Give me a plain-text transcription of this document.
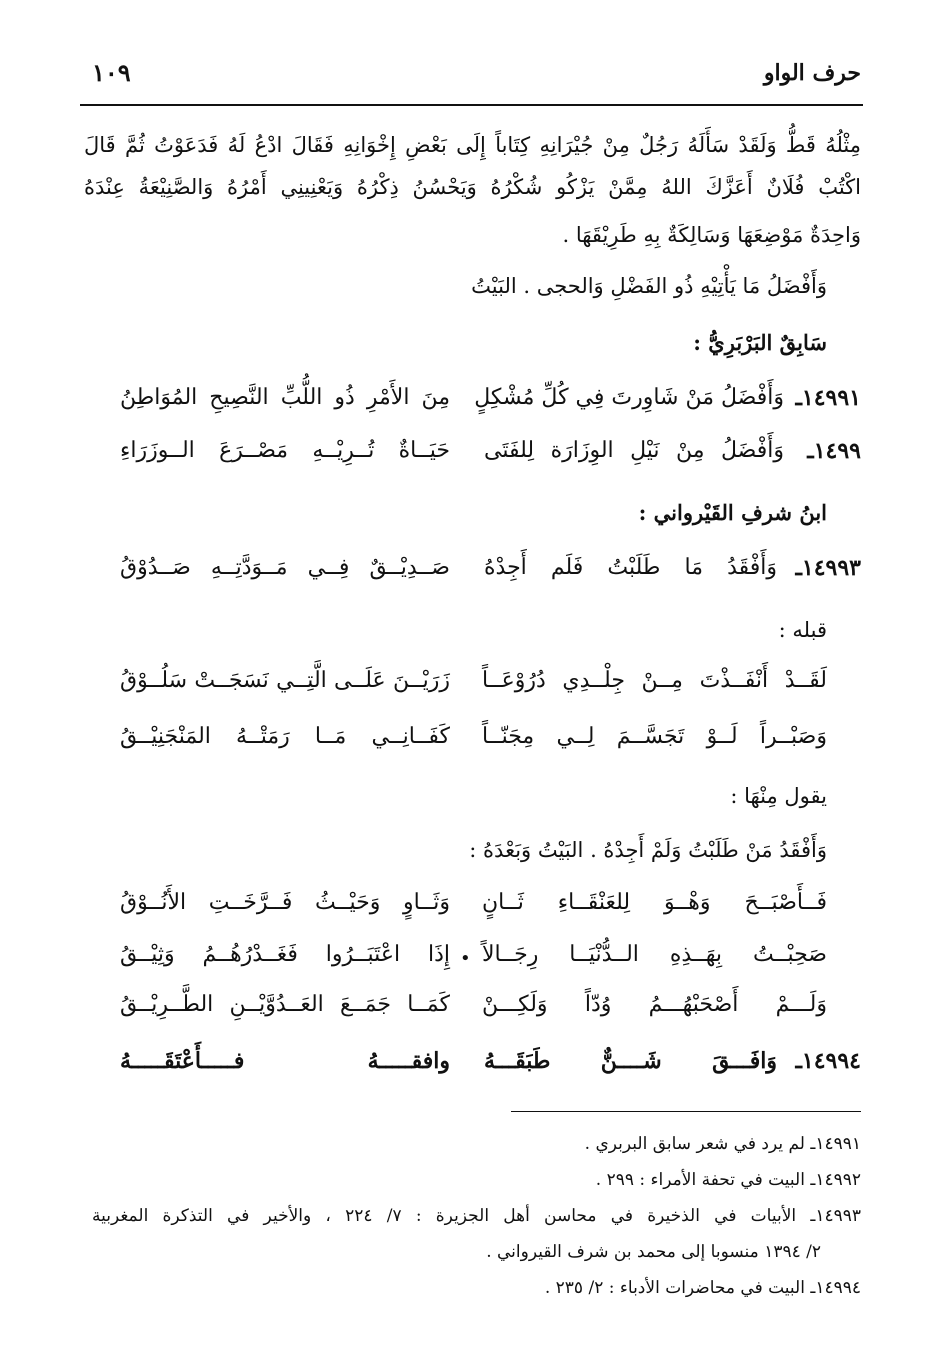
حرف الواو
١٠٩
مِثْلُهُ قَطُّ وَلَقَدْ سَأَلَهُ رَجُلٌ مِنْ جُيْرَانِهِ كِتَاباً إِلَى بَعْضِ إِخْوَانِهِ فَقَالَ ادْعُ لَهُ فَدَعَوْتُ ثُمَّ قَالَ
اكْتُبْ فُلَانٌ أَعَزَّكَ اللهُ مِمَّنْ يَزْكُو شُكْرُهُ وَيَحْسُنُ ذِكْرُهُ وَيَعْنِينِي أَمْرُهُ وَالصَّنِيْعَةُ عِنْدَهُ
وَاحِدَةٌ مَوْضِعَهَا وَسَالِكَةٌ بِهِ طَرِيْقَهَا .
وَأَفْضَلُ مَا يَأْتِيْهِ ذُو الفَضْلِ وَالحجى . البَيْتُ
سَابِقٌ البَرْبَرِيُّ :
١٤٩٩١ـ
وَأَفْضَلُ مَنْ شَاوِرتَ فِي كُلِّ مُشْكِلٍ
مِنَ الأَمْرِ ذُو اللُّبِّ النَّصِيحِ المُوَاطِنُ
١٤٩٩ـ
وَأَفْضَلُ مِنْ نَيْلِ الوِزَارَة لِلفَتَى
حَيَــاةٌ تُــرِيْــهِ مَصْــرَعَ الــوزَرَاءِ
ابنُ شرفِ القَيْرواني :
١٤٩٩٣ـ
وَأَفْقَدُ مَا طَلَبْتُ فَلَم أَجِدْهُ
صَــدِيْــقٌ فِــي مَــوَدَّتِــهِ صَــدُوْقُ
قبله :
لَقَــدْ أَنْفَــذْتَ مِــنْ جِلْــدِي دُرُوْعَــاً
زَرَيْــنَ عَلَــى الَّتِــي نَسَجَــتْ سَلُــوْقُ
وَصَبْــراً لَــوْ تَجَسَّــمَ لِــي مِجَنّــاً
كَفَــانِــي مَــا رَمَتْــهُ المَنْجَنِيْــقُ
يقول مِنْهَا :
وَأَفْقَدُ مَنْ طَلَبْتُ وَلَمْ أَجِدْهُ . البَيْتُ وَبَعْدَهُ :
فَــأَصْبَــحَ وَهْــوَ لِلعَنْقَــاءِ ثَــانٍ
وَثَــاوٍ وَحَيْــثُ فَــرَّخَــتِ الأَنُــوْقُ
صَحِبْــتُ بِهَــذِهِ الــدُّنْيَــا رِجَــالاً
•
إِذَا اعْتَبَــرُوا فَغَــدْرُهُــمُ وَثِيْــقُ
وَلَـــمْ أَصْحَبْهُـــمُ وُدّاً وَلَكِـــنْ
كَمَــا جَمَــعَ العَــدُوَّيْــنِ الطَّــرِيْــقُ
١٤٩٩٤ـ
وَافَـــقَ شَــــنٌّ طَبَقَـــهُ
وافقـــــهُ فـــــأَعْتَقَـــــهُ
١٤٩٩١ـ لم يرد في شعر سابق البربري .
١٤٩٩٢ـ البيت في تحفة الأمراء : ٢٩٩ .
١٤٩٩٣ـ الأبيات في الذخيرة في محاسن أهل الجزيرة : ٧/ ٢٢٤ ، والأخير في التذكرة المغربية
٢/ ١٣٩٤ منسوبا إلى محمد بن شرف القيرواني .
١٤٩٩٤ـ البيت في محاضرات الأدباء : ٢/ ٢٣٥ .
